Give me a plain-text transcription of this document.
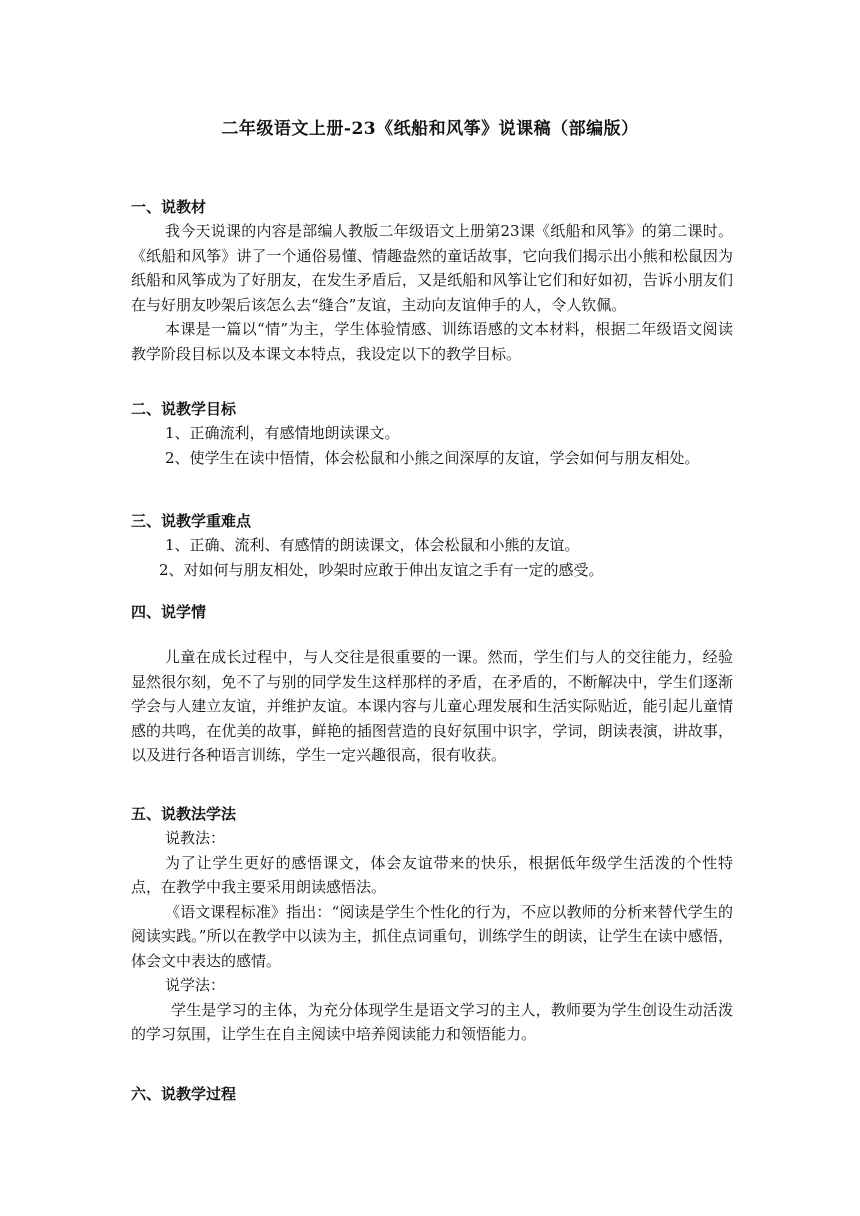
二年级语文上册-23《纸船和风筝》说课稿（部编版）
一、说教材

我今天说课的内容是部编人教版二年级语文上册第23课《纸船和风筝》的第二课时。《纸船和风筝》讲了一个通俗易懂、情趣盎然的童话故事，它向我们揭示出小熊和松鼠因为纸船和风筝成为了好朋友，在发生矛盾后，又是纸船和风筝让它们和好如初，告诉小朋友们在与好朋友吵架后该怎么去“缝合”友谊，主动向友谊伸手的人，令人钦佩。

本课是一篇以“情”为主，学生体验情感、训练语感的文本材料，根据二年级语文阅读教学阶段目标以及本课文本特点，我设定以下的教学目标。

二、说教学目标
1、正确流利，有感情地朗读课文。

2、使学生在读中悟情，体会松鼠和小熊之间深厚的友谊，学会如何与朋友相处。

三、说教学重难点
1、正确、流利、有感情的朗读课文，体会松鼠和小熊的友谊。
2、对如何与朋友相处，吵架时应敢于伸出友谊之手有一定的感受。
四、说学情

儿童在成长过程中，与人交往是很重要的一课。然而，学生们与人的交往能力，经验显然很尔刻，免不了与别的同学发生这样那样的矛盾，在矛盾的，不断解决中，学生们逐渐学会与人建立友谊，并维护友谊。本课内容与儿童心理发展和生活实际贴近，能引起儿童情感的共鸣，在优美的故事，鲜艳的插图营造的良好氛围中识字，学词，朗读表演，讲故事，以及进行各种语言训练，学生一定兴趣很高，很有收获。

五、说教法学法
说教法：

为了让学生更好的感悟课文，体会友谊带来的快乐，根据低年级学生活泼的个性特点，在教学中我主要采用朗读感悟法。

《语文课程标准》指出：“阅读是学生个性化的行为，不应以教师的分析来替代学生的阅读实践。”所以在教学中以读为主，抓住点词重句，训练学生的朗读，让学生在读中感悟，体会文中表达的感情。

说学法：

学生是学习的主体，为充分体现学生是语文学习的主人，教师要为学生创设生动活泼的学习氛围，让学生在自主阅读中培养阅读能力和领悟能力。

六、说教学过程
